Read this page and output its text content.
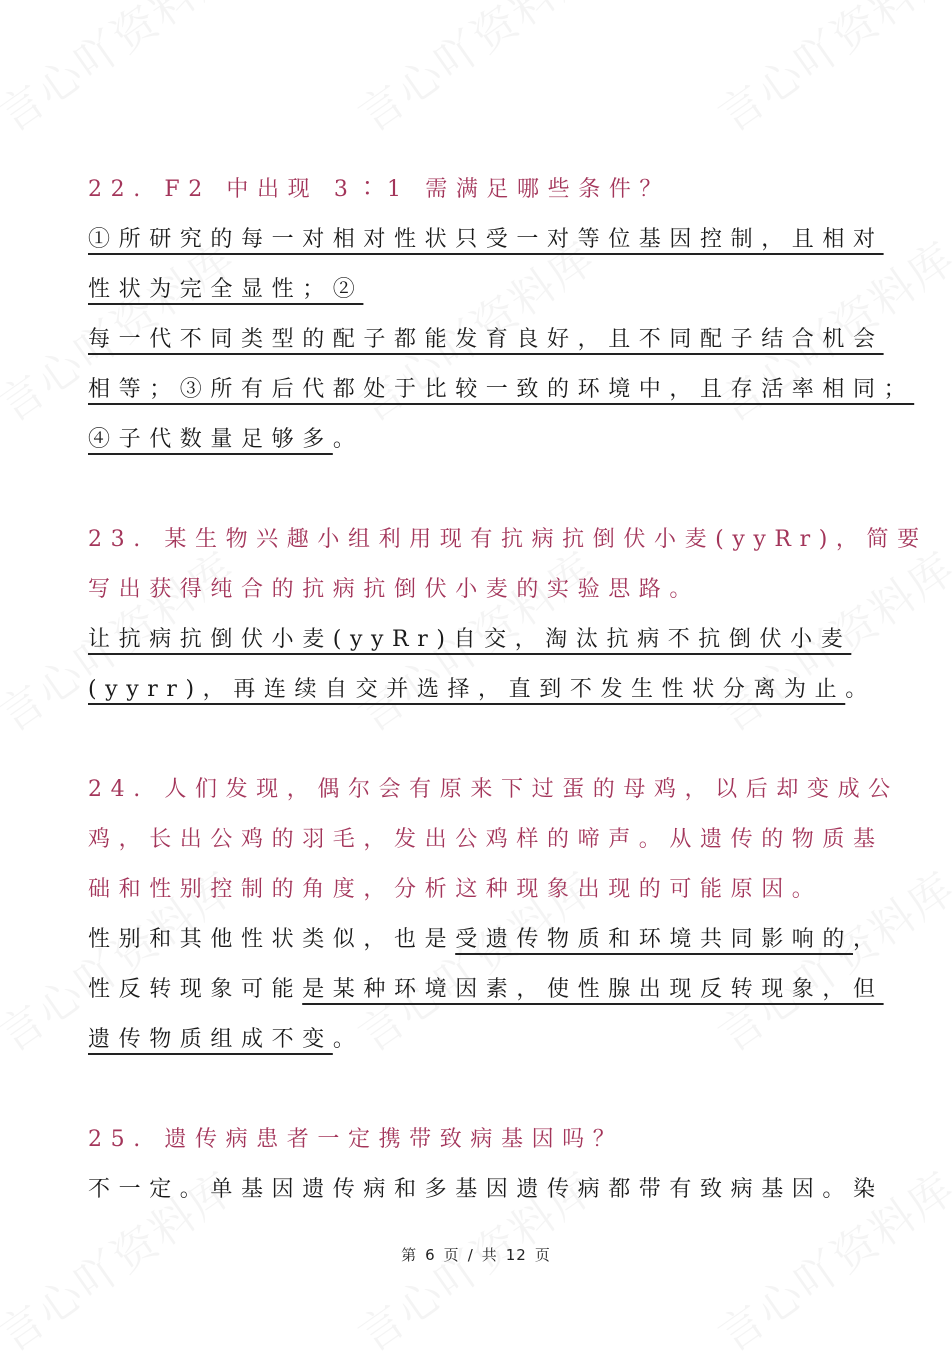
22. F2 中出现 3∶1 需满足哪些条件？
①所研究的每一对相对性状只受一对等位基因控制，且相对
性状为完全显性；②
每一代不同类型的配子都能发育良好，且不同配子结合机会
相等；③所有后代都处于比较一致的环境中，且存活率相同；
④子代数量足够多。
23. 某生物兴趣小组利用现有抗病抗倒伏小麦(yyRr)，简要
写出获得纯合的抗病抗倒伏小麦的实验思路。
让抗病抗倒伏小麦(yyRr)自交，淘汰抗病不抗倒伏小麦
(yyrr)，再连续自交并选择，直到不发生性状分离为止。
24. 人们发现，偶尔会有原来下过蛋的母鸡，以后却变成公
鸡，长出公鸡的羽毛，发出公鸡样的啼声。从遗传的物质基
础和性别控制的角度，分析这种现象出现的可能原因。
性别和其他性状类似，也是受遗传物质和环境共同影响的，
性反转现象可能是某种环境因素，使性腺出现反转现象，但
遗传物质组成不变。
25. 遗传病患者一定携带致病基因吗？
不一定。单基因遗传病和多基因遗传病都带有致病基因。染
第 6 页 / 共 12 页
